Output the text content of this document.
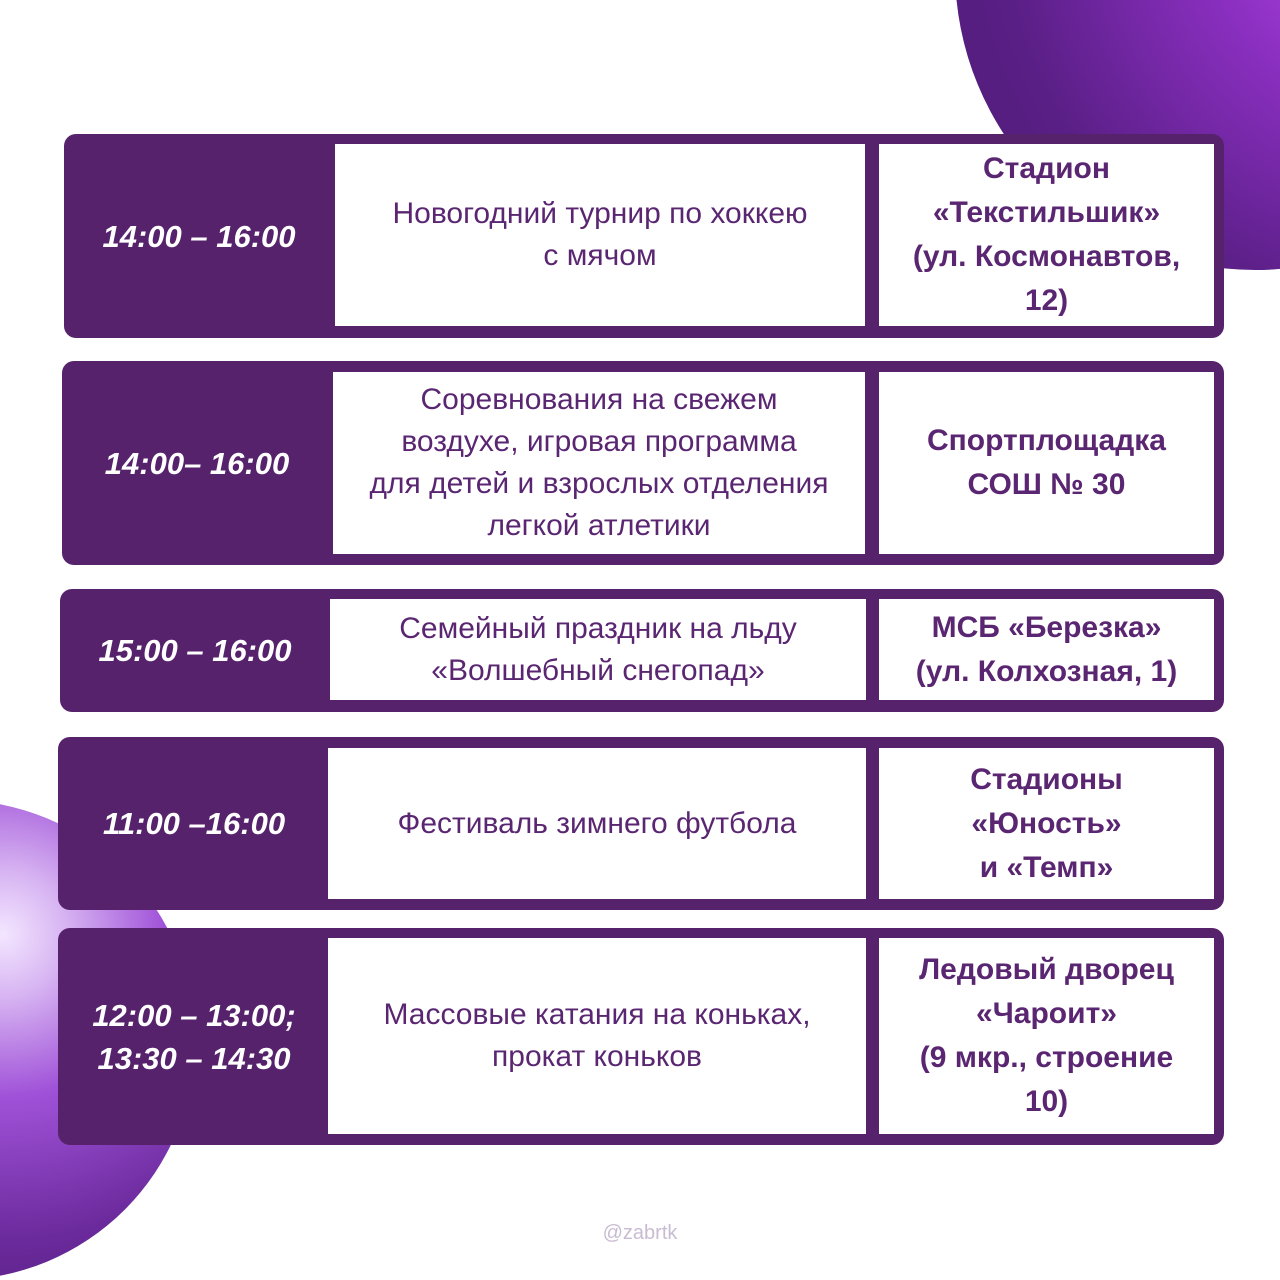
14:00 – 16:00
Новогодний турнир по хоккею
с мячом
Стадион
«Текстильшик»
(ул. Космонавтов,
12)
14:00– 16:00
Соревнования на свежем
воздухе, игровая программа
для детей и взрослых отделения
легкой атлетики
Спортплощадка
СОШ № 30
15:00 – 16:00
Семейный праздник на льду
«Волшебный снегопад»
МСБ «Березка»
(ул. Колхозная, 1)
11:00 –16:00	Фестиваль зимнего футбола
Стадионы
«Юность»
и «Темп»
12:00 – 13:00;
13:30 – 14:30
Массовые катания на коньках,
прокат коньков
Ледовый дворец
«Чароит»
(9 мкр., строение
10)
@zabrtk
